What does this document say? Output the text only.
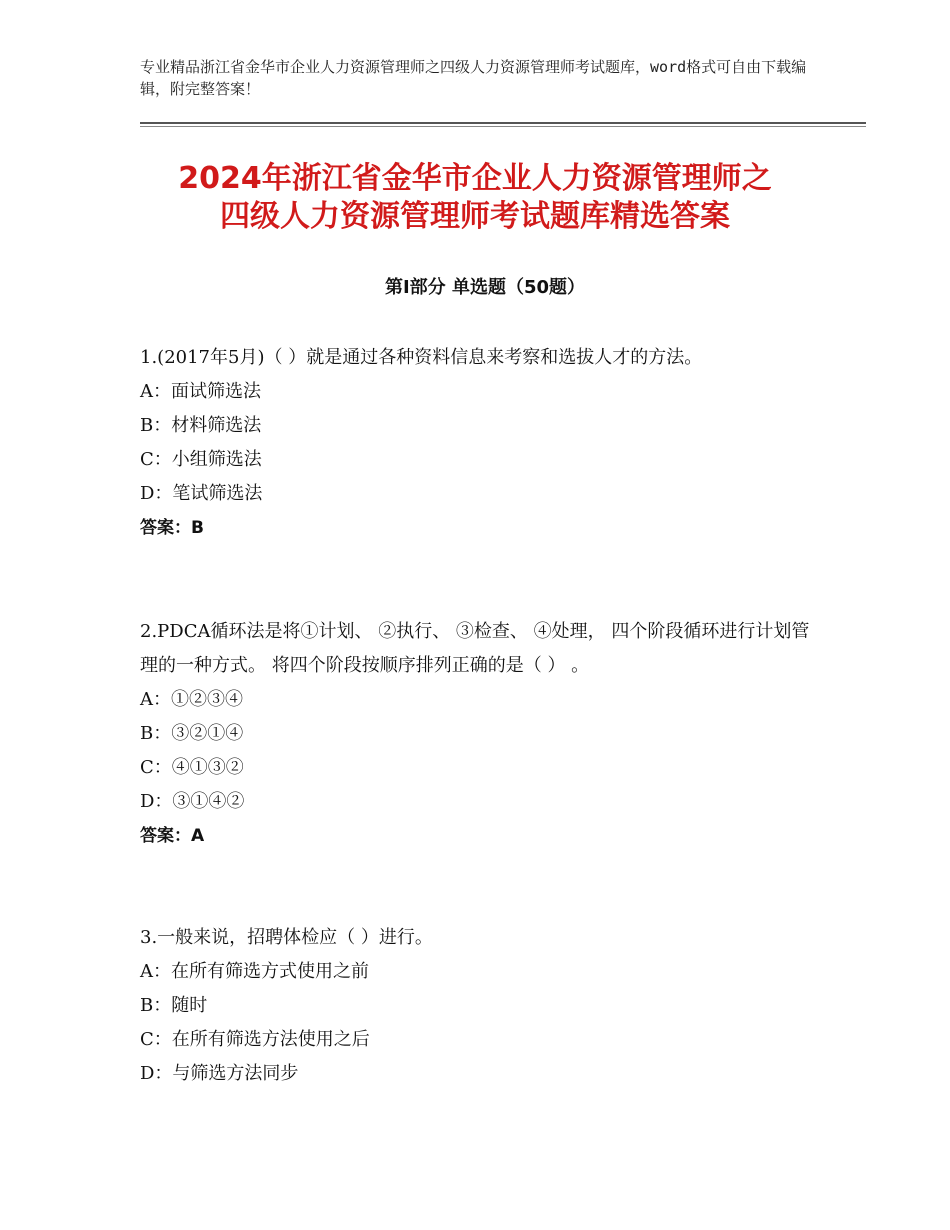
专业精品浙江省金华市企业人力资源管理师之四级人力资源管理师考试题库，word格式可自由下载编辑，附完整答案！
2024年浙江省金华市企业人力资源管理师之
四级人力资源管理师考试题库精选答案
第Ⅰ部分 单选题（50题）

1.(2017年5月)（ ）就是通过各种资料信息来考察和选拔人才的方法。

A：面试筛选法

B：材料筛选法

C：小组筛选法

D：笔试筛选法

答案：B

2.PDCA循环法是将①计划、 ②执行、 ③检查、 ④处理， 四个阶段循环进行计划管理的一种方式。 将四个阶段按顺序排列正确的是（ ） 。

A：①②③④

B：③②①④

C：④①③②

D：③①④②

答案：A

3.一般来说，招聘体检应（ ）进行。

A：在所有筛选方式使用之前

B：随时

C：在所有筛选方法使用之后

D：与筛选方法同步
